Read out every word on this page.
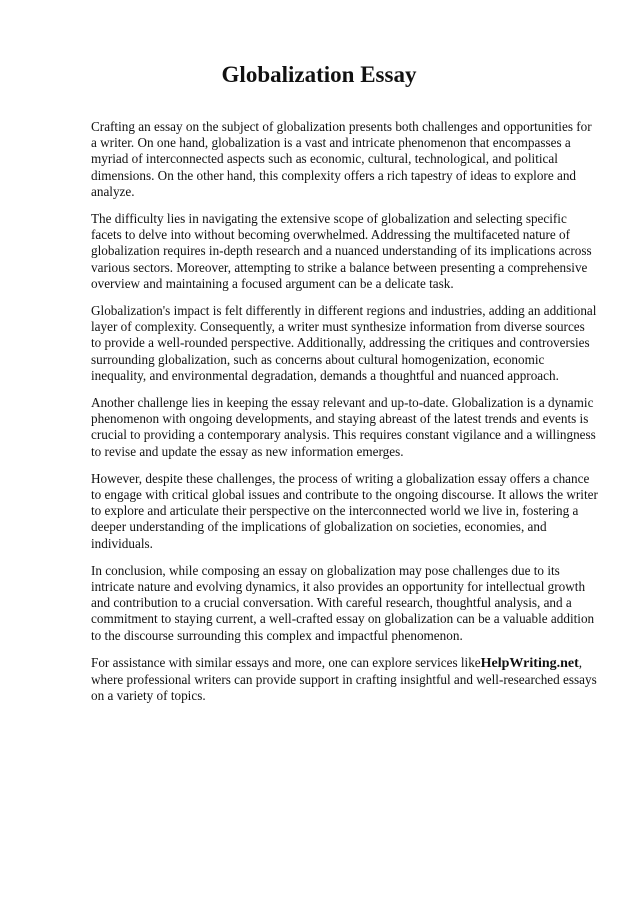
Globalization Essay

Crafting an essay on the subject of globalization presents both challenges and opportunities for a writer. On one hand, globalization is a vast and intricate phenomenon that encompasses a myriad of interconnected aspects such as economic, cultural, technological, and political dimensions. On the other hand, this complexity offers a rich tapestry of ideas to explore and analyze.

The difficulty lies in navigating the extensive scope of globalization and selecting specific facets to delve into without becoming overwhelmed. Addressing the multifaceted nature of globalization requires in-depth research and a nuanced understanding of its implications across various sectors. Moreover, attempting to strike a balance between presenting a comprehensive overview and maintaining a focused argument can be a delicate task.

Globalization's impact is felt differently in different regions and industries, adding an additional layer of complexity. Consequently, a writer must synthesize information from diverse sources to provide a well-rounded perspective. Additionally, addressing the critiques and controversies surrounding globalization, such as concerns about cultural homogenization, economic inequality, and environmental degradation, demands a thoughtful and nuanced approach.

Another challenge lies in keeping the essay relevant and up-to-date. Globalization is a dynamic phenomenon with ongoing developments, and staying abreast of the latest trends and events is crucial to providing a contemporary analysis. This requires constant vigilance and a willingness to revise and update the essay as new information emerges.

However, despite these challenges, the process of writing a globalization essay offers a chance to engage with critical global issues and contribute to the ongoing discourse. It allows the writer to explore and articulate their perspective on the interconnected world we live in, fostering a deeper understanding of the implications of globalization on societies, economies, and individuals.

In conclusion, while composing an essay on globalization may pose challenges due to its intricate nature and evolving dynamics, it also provides an opportunity for intellectual growth and contribution to a crucial conversation. With careful research, thoughtful analysis, and a commitment to staying current, a well-crafted essay on globalization can be a valuable addition to the discourse surrounding this complex and impactful phenomenon.

For assistance with similar essays and more, one can explore services likeHelpWriting.net, where professional writers can provide support in crafting insightful and well-researched essays on a variety of topics.
